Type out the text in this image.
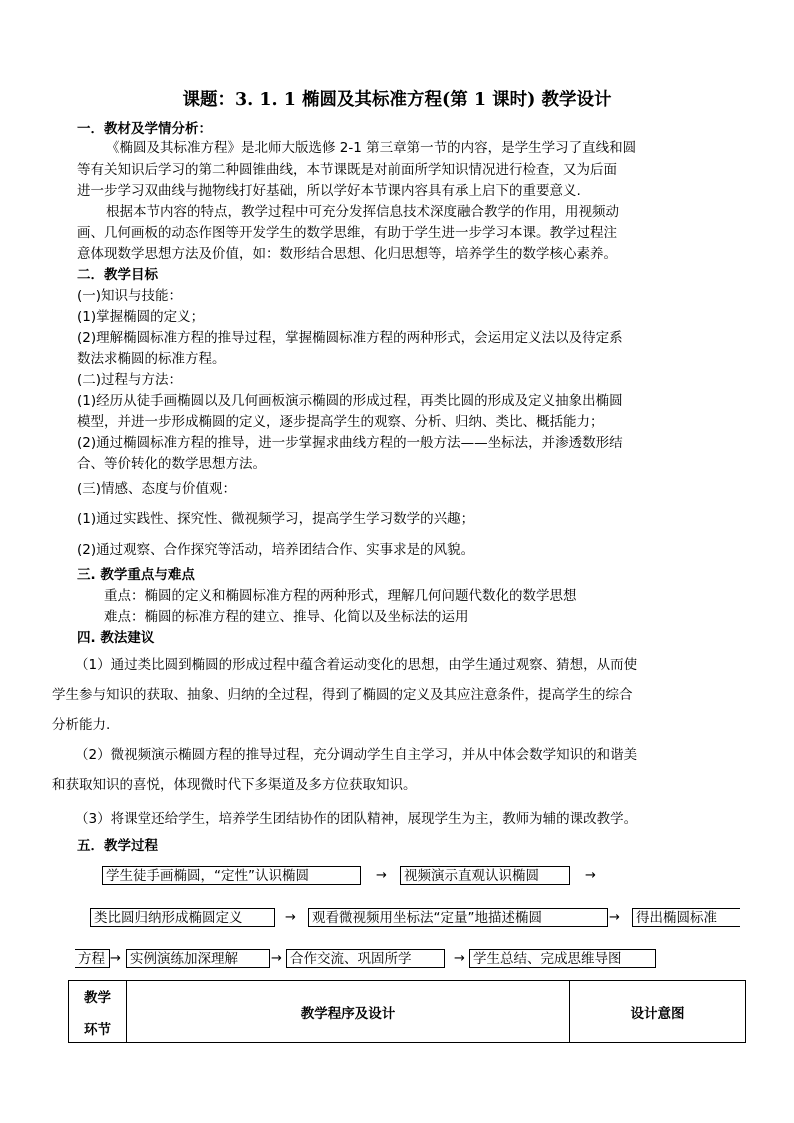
课题：3. 1. 1 椭圆及其标准方程(第 1 课时) 教学设计
一．教材及学情分析：
《椭圆及其标准方程》是北师大版选修 2-1 第三章第一节的内容，是学生学习了直线和圆
等有关知识后学习的第二种圆锥曲线，本节课既是对前面所学知识情况进行检查，又为后面
进一步学习双曲线与抛物线打好基础，所以学好本节课内容具有承上启下的重要意义.
根据本节内容的特点，教学过程中可充分发挥信息技术深度融合教学的作用，用视频动
画、几何画板的动态作图等开发学生的数学思维，有助于学生进一步学习本课。教学过程注
意体现数学思想方法及价值，如：数形结合思想、化归思想等，培养学生的数学核心素养。
二．教学目标
(一)知识与技能：
(1)掌握椭圆的定义；
(2)理解椭圆标准方程的推导过程，掌握椭圆标准方程的两种形式，会运用定义法以及待定系
数法求椭圆的标准方程。
(二)过程与方法：
(1)经历从徒手画椭圆以及几何画板演示椭圆的形成过程，再类比圆的形成及定义抽象出椭圆
模型，并进一步形成椭圆的定义，逐步提高学生的观察、分析、归纳、类比、概括能力；
(2)通过椭圆标准方程的推导，进一步掌握求曲线方程的一般方法——坐标法，并渗透数形结
合、等价转化的数学思想方法。
(三)情感、态度与价值观：
(1)通过实践性、探究性、微视频学习，提高学生学习数学的兴趣；
(2)通过观察、合作探究等活动，培养团结合作、实事求是的风貌。
三. 教学重点与难点
重点：椭圆的定义和椭圆标准方程的两种形式，理解几何问题代数化的数学思想
难点：椭圆的标准方程的建立、推导、化简以及坐标法的运用
四. 教法建议
（1）通过类比圆到椭圆的形成过程中蕴含着运动变化的思想，由学生通过观察、猜想，从而使
学生参与知识的获取、抽象、归纳的全过程，得到了椭圆的定义及其应注意条件，提高学生的综合
分析能力.
（2）微视频演示椭圆方程的推导过程，充分调动学生自主学习，并从中体会数学知识的和谐美
和获取知识的喜悦，体现微时代下多渠道及多方位获取知识。
（3）将课堂还给学生，培养学生团结协作的团队精神，展现学生为主，教师为辅的课改教学。
五．教学过程
学生徒手画椭圆，“定性”认识椭圆	→ 视频演示直观认识椭圆	→
类比圆归纳形成椭圆定义	→ 观看微视频用坐标法“定量”地描述椭圆	→ 得出椭圆标准
方程 → 实例演练加深理解	→ 合作交流、巩固所学	→ 学生总结、完成思维导图
教学
环节
	教学程序及设计	设计意图
